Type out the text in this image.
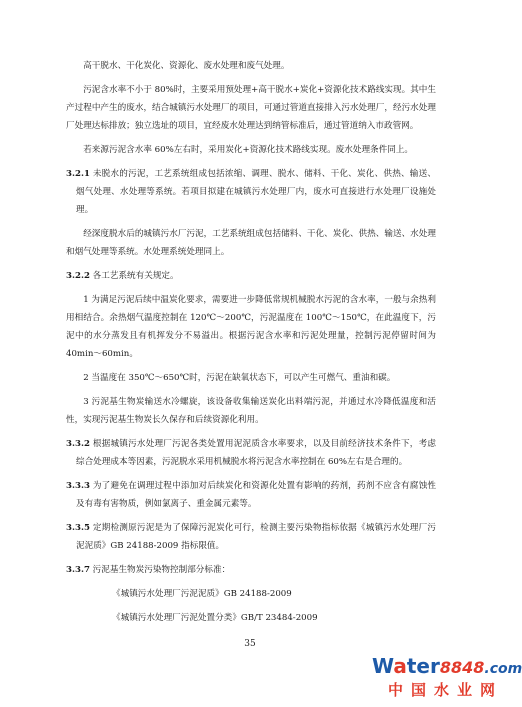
高干脱水、干化炭化、资源化、废水处理和废气处理。

污泥含水率不小于 80%时，主要采用预处理+高干脱水+炭化+资源化技术路线实现。其中生产过程中产生的废水，结合城镇污水处理厂的项目，可通过管道直接排入污水处理厂，经污水处理厂处理达标排放；独立选址的项目，宜经废水处理达到纳管标准后，通过管道纳入市政管网。

若来源污泥含水率 60%左右时，采用炭化+资源化技术路线实现。废水处理条件同上。

3.2.1 未脱水的污泥，工艺系统组成包括浓缩、调理、脱水、储料、干化、炭化、供热、输送、烟气处理、水处理等系统。若项目拟建在城镇污水处理厂内，废水可直接进行水处理厂设施处理。

经深度脱水后的城镇污水厂污泥，工艺系统组成包括储料、干化、炭化、供热、输送、水处理和烟气处理等系统。水处理系统处理同上。

3.2.2 各工艺系统有关规定。

1 为满足污泥后续中温炭化要求，需要进一步降低常规机械脱水污泥的含水率，一般与余热利用相结合。余热烟气温度控制在 120℃～200℃，污泥温度在 100℃～150℃，在此温度下，污泥中的水分蒸发且有机挥发分不易溢出。根据污泥含水率和污泥处理量，控制污泥停留时间为 40min～60min。

2 当温度在 350℃～650℃时，污泥在缺氧状态下，可以产生可燃气、重油和碳。

3 污泥基生物炭输送水冷螺旋，该设备收集输送炭化出料端污泥，并通过水冷降低温度和活性，实现污泥基生物炭长久保存和后续资源化利用。

3.3.2 根据城镇污水处理厂污泥各类处置用泥泥质含水率要求，以及目前经济技术条件下，考虑综合处理成本等因素，污泥脱水采用机械脱水将污泥含水率控制在 60%左右是合理的。

3.3.3 为了避免在调理过程中添加对后续炭化和资源化处置有影响的药剂，药剂不应含有腐蚀性及有毒有害物质，例如氯离子、重金属元素等。

3.3.5 定期检测原污泥是为了保障污泥炭化可行，检测主要污染物指标依据《城镇污水处理厂污泥泥质》GB 24188-2009 指标限值。

3.3.7 污泥基生物炭污染物控制部分标准：

《城镇污水处理厂污泥泥质》GB 24188-2009

《城镇污水处理厂污泥处置分类》GB/T 23484-2009

35
Water8848.com
中国水业网
